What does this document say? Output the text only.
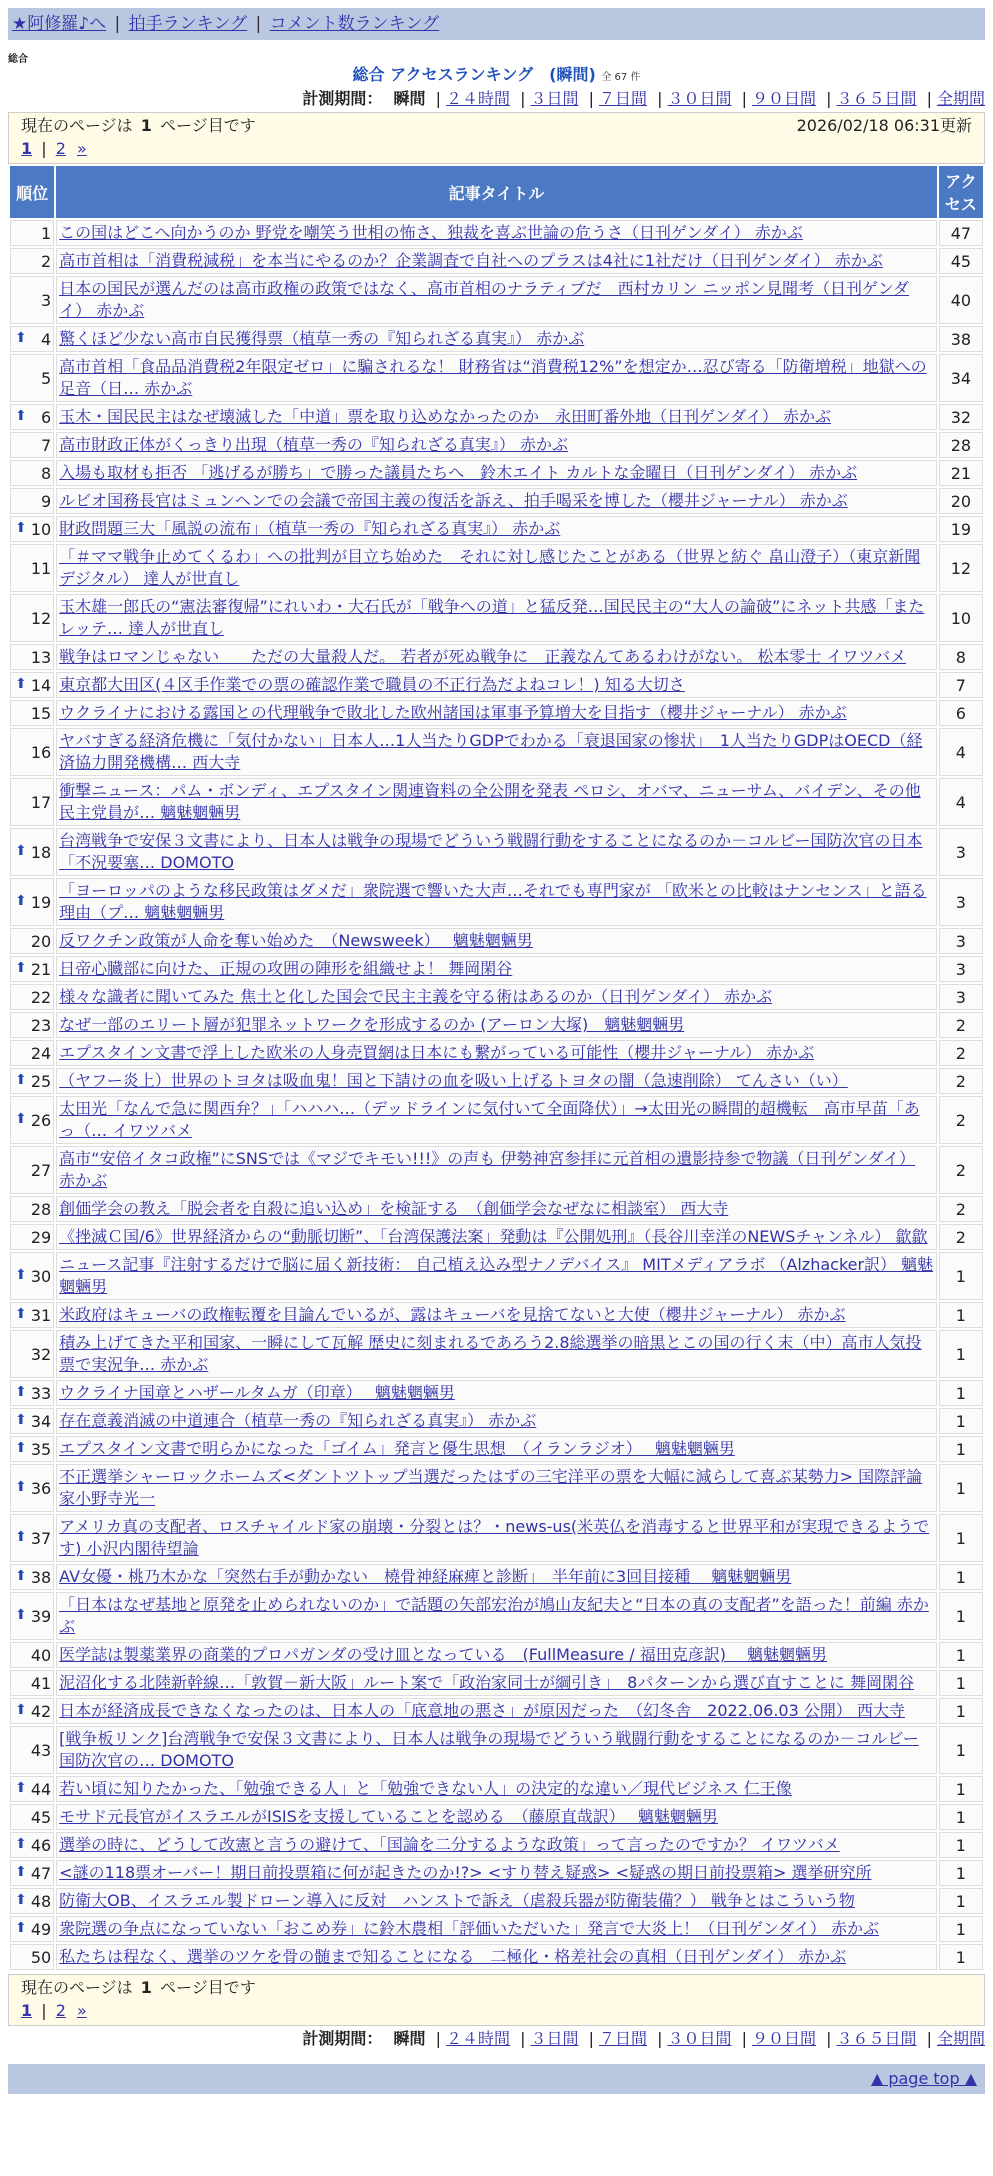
★阿修羅♪へ | 拍手ランキング | コメント数ランキング
総合
総合 アクセスランキング　(瞬間) 全 67 件
計測期間： 瞬間 | ２４時間 | ３日間 | ７日間 | ３０日間 | ９０日間 | ３６５日間 | 全期間
現在のページは 1 ページ目です	2026/02/18 06:31更新
1 | 2 »
順位	記事タイトル	アクセス
1	この国はどこへ向かうのか 野党を嘲笑う世相の怖さ、独裁を喜ぶ世論の危うさ（日刊ゲンダイ） 赤かぶ	47
2	高市首相は「消費税減税」を本当にやるのか？企業調査で自社へのプラスは4社に1社だけ（日刊ゲンダイ） 赤かぶ	45
3	日本の国民が選んだのは高市政権の政策ではなく、高市首相のナラティブだ　西村カリン ニッポン見聞考（日刊ゲンダイ） 赤かぶ	40

⬆ 4	驚くほど少ない高市自民獲得票（植草一秀の『知られざる真実』） 赤かぶ	38
5	高市首相「食品品消費税2年限定ゼロ」に騙されるな！ 財務省は“消費税12%”を想定か…忍び寄る「防衛増税」地獄への足音（日… 赤かぶ	34

⬆ 6	玉木・国民民主はなぜ壊滅した「中道」票を取り込めなかったのか　永田町番外地（日刊ゲンダイ） 赤かぶ	32
7	高市財政正体がくっきり出現（植草一秀の『知られざる真実』） 赤かぶ	28
8	入場も取材も拒否 「逃げるが勝ち」で勝った議員たちへ　鈴木エイト カルトな金曜日（日刊ゲンダイ） 赤かぶ	21
9	ルビオ国務長官はミュンヘンでの会議で帝国主義の復活を訴え、拍手喝采を博した（櫻井ジャーナル） 赤かぶ	20

⬆ 10	財政問題三大「風説の流布」（植草一秀の『知られざる真実』） 赤かぶ	19
11	「＃ママ戦争止めてくるわ」への批判が目立ち始めた　それに対し感じたことがある（世界と紡ぐ 畠山澄子）（東京新聞デジタル） 達人が世直し	12
12	玉木雄一郎氏の“憲法審復帰”にれいわ・大石氏が「戦争への道」と猛反発…国民民主の“大人の論破”にネット共感「またレッテ… 達人が世直し	10
13	戦争はロマンじゃない　　ただの大量殺人だ。 若者が死ぬ戦争に　正義なんてあるわけがない。 松本零士 イワツバメ	8

⬆ 14	東京都大田区(４区手作業での票の確認作業で職員の不正行為だよねコレ！) 知る大切さ	7
15	ウクライナにおける露国との代理戦争で敗北した欧州諸国は軍事予算増大を目指す（櫻井ジャーナル） 赤かぶ	6
16	ヤバすぎる経済危機に「気付かない」日本人…1人当たりGDPでわかる「衰退国家の惨状」　1人当たりGDPはOECD（経済協力開発機構… 西大寺	4
17	衝撃ニュース：パム・ボンディ、エプスタイン関連資料の全公開を発表 ペロシ、オバマ、ニューサム、バイデン、その他民主党員が… 魑魅魍魎男	4

⬆ 18	台湾戦争で安保３文書により、日本人は戦争の現場でどういう戦闘行動をすることになるのか－コルビー国防次官の日本「不況要塞… DOMOTO	3

⬆ 19	「ヨーロッパのような移民政策はダメだ」衆院選で響いた大声…それでも専門家が 「欧米との比較はナンセンス」と語る理由（プ… 魑魅魍魎男	3
20	反ワクチン政策が人命を奪い始めた　（Newsweek）　 魑魅魍魎男	3

⬆ 21	日帝心臓部に向けた、正規の攻囲の陣形を組織せよ！ 舞岡閑谷	3
22	様々な識者に聞いてみた 焦土と化した国会で民主主義を守る術はあるのか（日刊ゲンダイ） 赤かぶ	3
23	なぜ一部のエリート層が犯罪ネットワークを形成するのか (アーロン大塚)　魑魅魍魎男	2
24	エプスタイン文書で浮上した欧米の人身売買網は日本にも繋がっている可能性（櫻井ジャーナル） 赤かぶ	2

⬆ 25	（ヤフー炎上）世界のトヨタは吸血鬼！国と下請けの血を吸い上げるトヨタの闇（急速削除） てんさい（い）	2

⬆ 26	太田光「なんで急に関西弁？」「ハハハ…（デッドラインに気付いて全面降伏）」→太田光の瞬間的超機転　高市早苗「あっ（… イワツバメ	2
27	高市“安倍イタコ政権”にSNSでは《マジでキモい!!!》の声も 伊勢神宮参拝に元首相の遺影持参で物議（日刊ゲンダイ） 赤かぶ	2
28	創価学会の教え「脱会者を自殺に追い込め」を検証する　（創価学会なぜなに相談室） 西大寺	2
29	《挫滅Ｃ国/6》世界経済からの“動脈切断”、「台湾保護法案」発動は『公開処刑』（長谷川幸洋のNEWSチャンネル） 歙歙	2

⬆ 30	ニュース記事『注射するだけで脳に届く新技術： 自己植え込み型ナノデバイス』 MITメディアラボ （Alzhacker訳） 魑魅魍魎男	1

⬆ 31	米政府はキューバの政権転覆を目論んでいるが、露はキューバを見捨てないと大使（櫻井ジャーナル） 赤かぶ	1
32	積み上げてきた平和国家、一瞬にして瓦解 歴史に刻まれるであろう2.8総選挙の暗黒とこの国の行く末（中）高市人気投票で実況争… 赤かぶ	1

⬆ 33	ウクライナ国章とハザールタムガ（印章）　 魑魅魍魎男	1

⬆ 34	存在意義消滅の中道連合（植草一秀の『知られざる真実』） 赤かぶ	1

⬆ 35	エプスタイン文書で明らかになった「ゴイム」発言と優生思想　（イランラジオ）　 魑魅魍魎男	1

⬆ 36	不正選挙シャーロックホームズ<ダントツトップ当選だったはずの三宅洋平の票を大幅に減らして喜ぶ某勢力> 国際評論家小野寺光一	1

⬆ 37	アメリカ真の支配者、ロスチャイルド家の崩壊・分裂とは？・news-us(米英仏を消毒すると世界平和が実現できるようです) 小沢内閣待望論	1

⬆ 38	AV女優・桃乃木かな「突然右手が動かない　橈骨神経麻痺と診断」　半年前に3回目接種　 魑魅魍魎男	1

⬆ 39	「日本はなぜ基地と原発を止められないのか」で話題の矢部宏治が鳩山友紀夫と“日本の真の支配者”を語った！前編 赤かぶ	1
40	医学誌は製薬業界の商業的プロパガンダの受け皿となっている　(FullMeasure / 福田克彦訳)　 魑魅魍魎男	1
41	泥沼化する北陸新幹線…「敦賀－新大阪」ルート案で「政治家同士が綱引き」　8パターンから選び直すことに 舞岡閑谷	1

⬆ 42	日本が経済成長できなくなったのは、日本人の「底意地の悪さ」が原因だった　（幻冬舎　2022.06.03 公開） 西大寺	1
43	[戦争板リンク]台湾戦争で安保３文書により、日本人は戦争の現場でどういう戦闘行動をすることになるのか－コルビー国防次官の… DOMOTO	1

⬆ 44	若い頃に知りたかった、「勉強できる人」と「勉強できない人」の決定的な違い／現代ビジネス 仁王像	1
45	モサド元長官がイスラエルがISISを支援していることを認める　（藤原直哉訳）　 魑魅魍魎男	1

⬆ 46	選挙の時に、どうして改憲と言うの避けて、「国論を二分するような政策」って言ったのですか？ イワツバメ	1

⬆ 47	<謎の118票オーバー！期日前投票箱に何が起きたのか!?> <すり替え疑惑> <疑惑の期日前投票箱> 選挙研究所	1

⬆ 48	防衛大OB、イスラエル製ドローン導入に反対　ハンストで訴え（虐殺兵器が防衛装備？） 戦争とはこういう物	1

⬆ 49	衆院選の争点になっていない「おこめ券」に鈴木農相「評価いただいた」発言で大炎上！（日刊ゲンダイ） 赤かぶ	1
50	私たちは程なく、選挙のツケを骨の髄まで知ることになる　二極化・格差社会の真相（日刊ゲンダイ） 赤かぶ	1
現在のページは 1 ページ目です
1 | 2 »
計測期間： 瞬間 | ２４時間 | ３日間 | ７日間 | ３０日間 | ９０日間 | ３６５日間 | 全期間
▲ page top ▲
